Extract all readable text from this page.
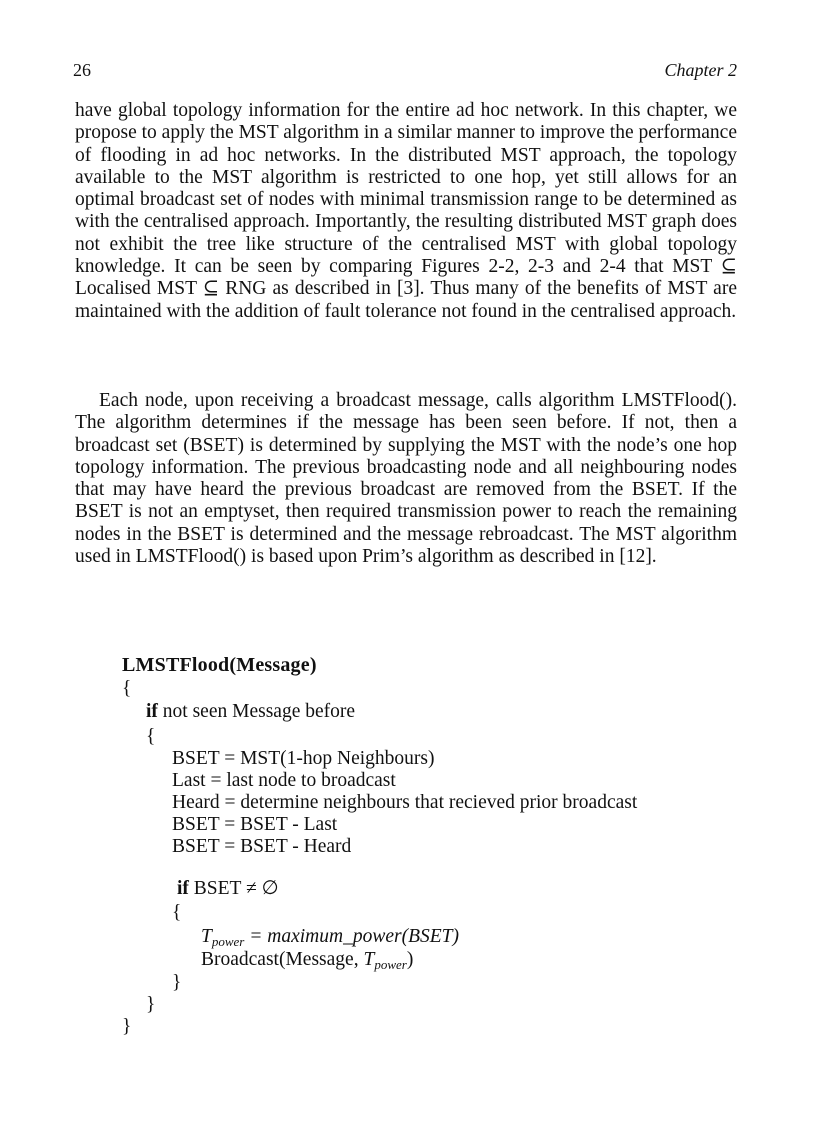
26	Chapter 2

have global topology information for the entire ad hoc network. In this chapter, we propose to apply the MST algorithm in a similar manner to improve the performance of flooding in ad hoc networks. In the distributed MST approach, the topology available to the MST algorithm is restricted to one hop, yet still allows for an optimal broadcast set of nodes with minimal transmission range to be determined as with the centralised approach. Importantly, the resulting distributed MST graph does not exhibit the tree like structure of the centralised MST with global topology knowledge. It can be seen by comparing Figures 2-2, 2-3 and 2-4 that MST ⊆ Localised MST ⊆ RNG as described in [3]. Thus many of the benefits of MST are maintained with the addition of fault tolerance not found in the centralised approach.

Each node, upon receiving a broadcast message, calls algorithm LMSTFlood(). The algorithm determines if the message has been seen before. If not, then a broadcast set (BSET) is determined by supplying the MST with the node’s one hop topology information. The previous broadcasting node and all neighbouring nodes that may have heard the previous broadcast are removed from the BSET. If the BSET is not an emptyset, then required transmission power to reach the remaining nodes in the BSET is determined and the message rebroadcast. The MST algorithm used in LMSTFlood() is based upon Prim’s algorithm as described in [12].

LMSTFlood(Message)
{
if not seen Message before
{
BSET = MST(1-hop Neighbours)
Last = last node to broadcast
Heard = determine neighbours that recieved prior broadcast
BSET = BSET - Last
BSET = BSET - Heard
if BSET ≠ ∅
{
$T_{power}$ = maximum_power(BSET)
Broadcast(Message, $T_{power}$)
}
}
}
